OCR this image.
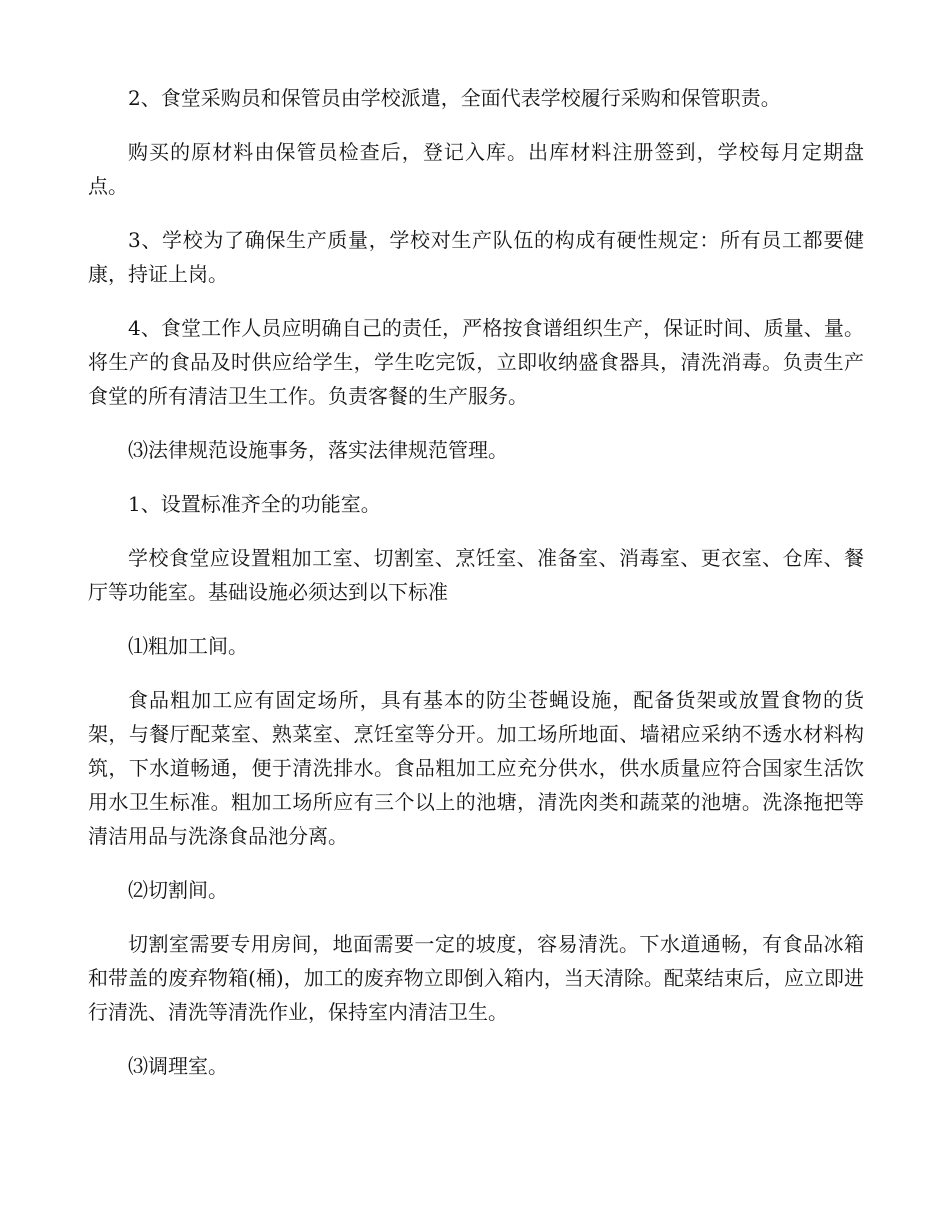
2、食堂采购员和保管员由学校派遣，全面代表学校履行采购和保管职责。

购买的原材料由保管员检查后，登记入库。出库材料注册签到，学校每月定期盘点。

3、学校为了确保生产质量，学校对生产队伍的构成有硬性规定：所有员工都要健康，持证上岗。

4、食堂工作人员应明确自己的责任，严格按食谱组织生产，保证时间、质量、量。将生产的食品及时供应给学生，学生吃完饭，立即收纳盛食器具，清洗消毒。负责生产食堂的所有清洁卫生工作。负责客餐的生产服务。

⑶法律规范设施事务，落实法律规范管理。

1、设置标准齐全的功能室。

学校食堂应设置粗加工室、切割室、烹饪室、准备室、消毒室、更衣室、仓库、餐厅等功能室。基础设施必须达到以下标准

⑴粗加工间。

食品粗加工应有固定场所，具有基本的防尘苍蝇设施，配备货架或放置食物的货架，与餐厅配菜室、熟菜室、烹饪室等分开。加工场所地面、墙裙应采纳不透水材料构筑，下水道畅通，便于清洗排水。食品粗加工应充分供水，供水质量应符合国家生活饮用水卫生标准。粗加工场所应有三个以上的池塘，清洗肉类和蔬菜的池塘。洗涤拖把等清洁用品与洗涤食品池分离。

⑵切割间。

切割室需要专用房间，地面需要一定的坡度，容易清洗。下水道通畅，有食品冰箱和带盖的废弃物箱(桶)，加工的废弃物立即倒入箱内，当天清除。配菜结束后，应立即进行清洗、清洗等清洗作业，保持室内清洁卫生。

⑶调理室。
